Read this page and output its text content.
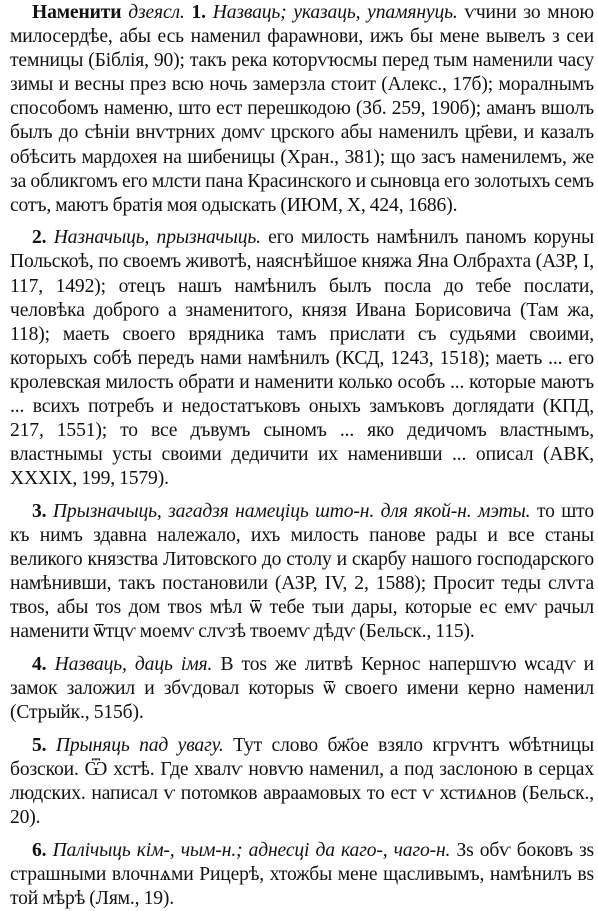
Наменити дзеясл. 1. Назваць; указаць, упамянуць. ѵчини зо мною милосердѣе, абы есь наменил фараѡнови, ижъ бы мене вывелъ з сеи темницы (Біблія, 90); такъ река которѵюсмы перед тым наменили часу зимы и весны през всю ночь замерзла стоит (Алекс., 17б); моралнымъ способомъ наменю, што ест перешкодою (Зб. 259, 190б); аманъ вшолъ былъ до сѣнiи внѵтрних домѵ црского абы наменилъ цр҃еви, и казалъ обѣсить мардохея на шибеницы (Хран., 381); що засъ наменилемъ, же за обликгомъ его млсти пана Красинского и сыновца его золотыхъ семъ сотъ, маютъ братія моя одыскать (ИЮМ, X, 424, 1686).

2. Назначыць, прызначыць. его милость намѣнилъ паномъ коруны Польскоѣ, по своемъ животѣ, наяснѣйшое княжа Яна Олбрахта (АЗР, I, 117, 1492); отецъ нашъ намѣнилъ былъ посла до тебе послати, человѣка доброго а знаменитого, князя Ивана Борисовича (Там жа, 118); маеть своего врядника тамъ прислати съ судьями своими, которыхъ собѣ передъ нами намѣнилъ (КСД, 1243, 1518); маеть ... его кролевская милость обрати и наменити колько особъ ... которые маютъ ... всихъ потребъ и недостатъковъ оныхъ замъковъ доглядати (КПД, 217, 1551); то все дъвумъ сыномъ ... яко дедичомъ властнымъ, властнымы усты своими дедичити их наменивши ... описал (АВК, XXXIX, 199, 1579).

3. Прызначыць, загадзя намеціць што-н. для якой-н. мэты. то што къ нимъ здавна належало, ихъ милость панове рады и все станы великого князства Литовского до столу и скарбу нашого господарского намѣнивши, такъ постановили (АЗР, IV, 2, 1588); Просит теды слѵга твоѕ, абы тоѕ дом твоѕ мѣл ѿ тебе тыи дары, которые ес емѵ рачыл наменити ѿтцѵ моемѵ слѵзѣ твоемѵ дѣдѵ (Бельск., 115).

4. Назваць, даць імя. В тоѕ же литвѣ Кернос напершѵю ѡсадѵ и замок заложил и збѵдовал которыѕ ѿ своего имени керно наменил (Стрыйк., 515б).

5. Прыняць пад увагу. Тут слово бж҃ое взяло кгрѵнтъ ѡбѣтницы бозскои. Ѿ хстѣ. Где хвалѵ новѵю наменил, а под заслоною в серцах людских. написал ѵ потомков авраамовых то ест ѵ хстиѧнов (Бельск., 20).

6. Палічыць кім-, чым-н.; аднесці да каго-, чаго-н. Зѕ обѵ боковъ зѕ страшными влочнѧми Рицерѣ, хтожбы мене щасливымъ, намѣнилъ вѕ той мѣрѣ (Лям., 19).
